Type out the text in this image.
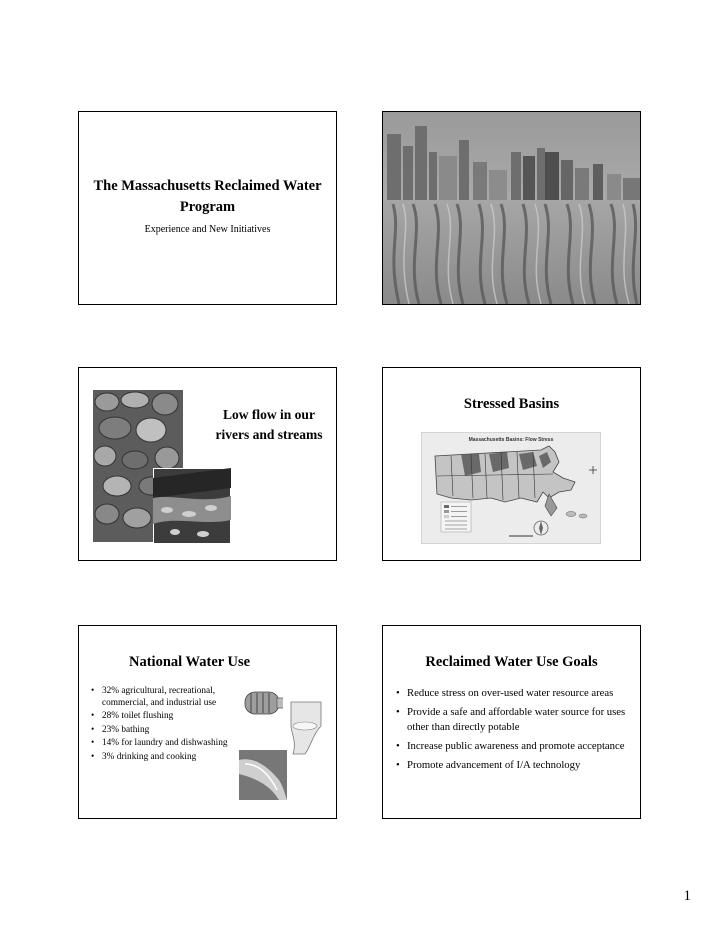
The Massachusetts Reclaimed Water Program
Experience and New Initiatives
Low flow in our rivers and streams
Stressed Basins
Massachusetts Basins: Flow Stress
National Water Use
• 32% agricultural, recreational, commercial, and industrial use
• 28% toilet flushing
• 23% bathing
• 14% for laundry and dishwashing
• 3% drinking and cooking
Reclaimed Water Use Goals
• Reduce stress on over-used water resource areas
• Provide a safe and affordable water source for uses other than directly potable
• Increase public awareness and promote acceptance
• Promote advancement of I/A technology
1
